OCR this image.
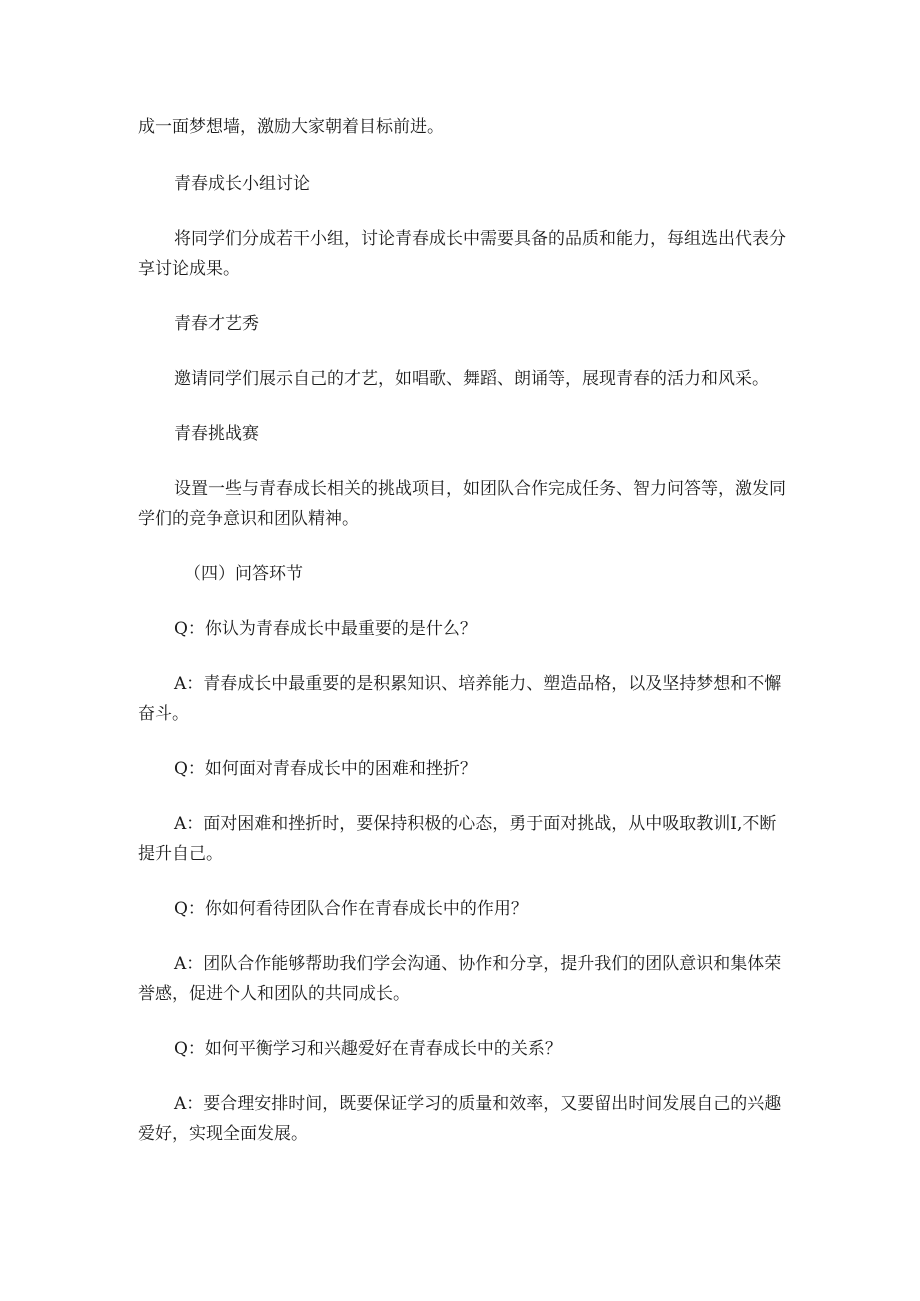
成一面梦想墙，激励大家朝着目标前进。

青春成长小组讨论

将同学们分成若干小组，讨论青春成长中需要具备的品质和能力，每组选出代表分享讨论成果。

青春才艺秀

邀请同学们展示自己的才艺，如唱歌、舞蹈、朗诵等，展现青春的活力和风采。

青春挑战赛

设置一些与青春成长相关的挑战项目，如团队合作完成任务、智力问答等，激发同学们的竞争意识和团队精神。

（四）问答环节

Q：你认为青春成长中最重要的是什么？

A：青春成长中最重要的是积累知识、培养能力、塑造品格，以及坚持梦想和不懈奋斗。

Q：如何面对青春成长中的困难和挫折？

A：面对困难和挫折时，要保持积极的心态，勇于面对挑战，从中吸取教训I,不断提升自己。

Q：你如何看待团队合作在青春成长中的作用？

A：团队合作能够帮助我们学会沟通、协作和分享，提升我们的团队意识和集体荣誉感，促进个人和团队的共同成长。

Q：如何平衡学习和兴趣爱好在青春成长中的关系？

A：要合理安排时间，既要保证学习的质量和效率，又要留出时间发展自己的兴趣爱好，实现全面发展。
